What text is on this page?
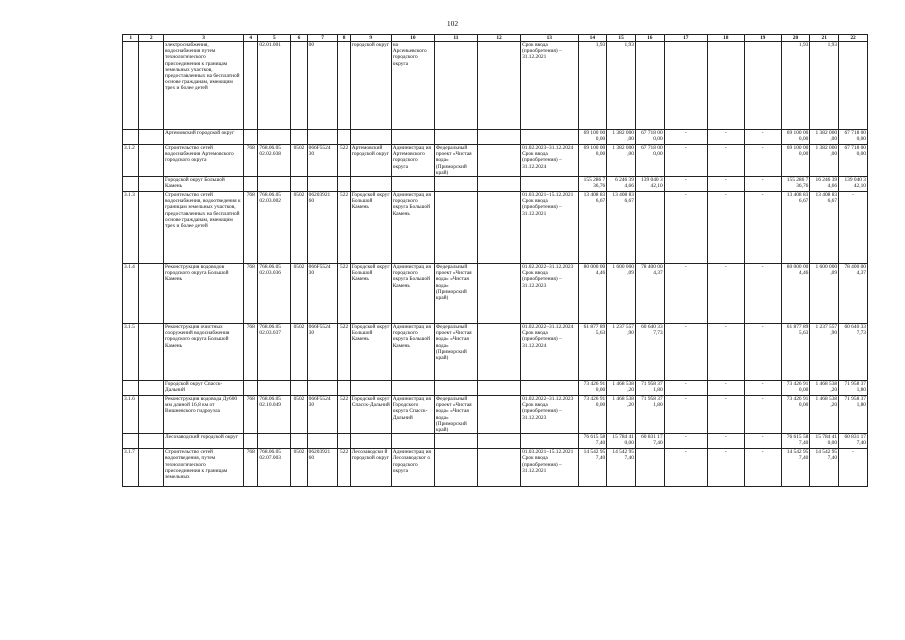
102
1	2	3	4	5	6	7	8	9	10	11	12	13	14	15	16	17	18	19	20	21	22
		электроснабжения, водоснабжения путем технологического присоединения к границам земельных участков, предоставленных на бесплатной основе гражданам, имеющим трех и более детей		02.01.001		00		городской округ	на Арсеньевского городского округа			Срок ввода (приобретения) – 31.12.2021	1,93	1,93					1,93	1,93	
		Артемовский городской округ											69 100 00 0,00	1 382 000 ,00	67 718 00 0,00	-	-	-	69 100 00 0,00	1 382 000 ,00	67 718 00 0,00
3.1.2		Строительство сетей водоснабжения Артемовского городского округа	768	768.06.05 02.02.038	0502	066F5524 30	522	Артемовский городской округ	Администрац ия Артемовского городского округа	Федеральный проект «Чистая вода» (Приморский край)		01.02.2023–31.12.2024 Срок ввода (приобретения) – 31.12.2024	69 100 00 0,00	1 382 000 ,00	67 718 00 0,00	-	-	-	69 100 00 0,00	1 382 000 ,00	67 718 00 0,00
		Городской округ Большой Камень											155 286 7 36,76	6 246 39 4,66	139 040 3 42,10	-	-	-	155 286 7 36,76	16 246 39 4,66	139 040 3 42,10
3.1.3		Строительство сетей водоснабжения, водоотведения к границам земельных участков, предоставленных на бесплатной основе гражданам, имеющим трех и более детей	768	768.06.05 02.03.002	0502	06203921 60	522	Городской округ Большой Камень	Администрац ия городского округа Большой Камень			01.03.2021–15.12.2021 Срок ввода (приобретения) – 31.12.2021	13 408 83 6,67	13 408 83 6,67		-	-	-	13 408 83 6,67	13 408 83 6,67	-
3.1.4		Реконструкция водоводов городского округа Большой Камень	768	768.06.05 02.03.036	0502	066F5524 30	522	Городской округ Большой Камень	Администрац ия городского округа Большой Камень	Федеральный проект «Чистая вода» «Чистая вода» (Приморский край)		01.02.2022–31.12.2023 Срок ввода (приобретения) – 31.12.2023	80 000 00 4,46	1 600 000 ,09	78 400 00 4,37	-	-	-	80 000 00 4,46	1 600 000 ,09	78 400 00 4,37
3.1.5		Реконструкция очистных сооружений водоснабжения городского округа Большой Камень	768	768.06.05 02.03.037	0502	066F5524 30	522	Городской округ Большой Камень	Администрац ия городского округа Большой Камень	Федеральный проект «Чистая вода» «Чистая вода» (Приморский край)		01.02.2022–31.12.2024 Срок ввода (приобретения) – 31.12.2024	61 877 89 5,63	1 237 557 ,90	60 640 33 7,73	-	-	-	61 877 89 5,63	1 237 557 ,90	60 640 33 7,73
		Городской округ Спасск-Дальний											73 426 91 0,00	1 468 538 ,20	71 958 37 1,80	-	-	-	73 426 91 0,00	1 468 538 ,20	71 958 37 1,80
3.1.6		Реконструкция водовода Ду600 мм длиной 16,8 км от Вишневского гидроузла	768	768.06.05 02.10.049	0502	066F5524 30	522	Городской округ Спасск-Дальний	Администрац ия Городского округа Спасск-Дальний	Федеральный проект «Чистая вода» «Чистая вода» (Приморский край)		01.02.2022–31.12.2023 Срок ввода (приобретения) – 31.12.2023	73 426 91 0,00	1 468 538 ,20	71 958 37 1,80	-	-	-	73 426 91 0,00	1 468 538 ,20	71 958 37 1,80
		Лесозаводский городской округ											76 615 58 7,40	15 784 41 0,00	60 831 17 7,40	-	-	-	76 615 58 7,40	15 784 41 0,00	60 831 17 7,40
3.1.7		Строительство сетей водоотведения, путем технологического присоединения к границам земельных	768	768.06.05 02.07.003	0502	06203921 60	522	Лесозаводски й городской округ	Администрац ия Лесозаводског о городского округа			01.03.2021–15.12.2021 Срок ввода (приобретения) – 31.12.2021	14 542 95 7,40	14 542 95 7,40		-	-	-	14 542 95 7,40	14 542 95 7,40	-
